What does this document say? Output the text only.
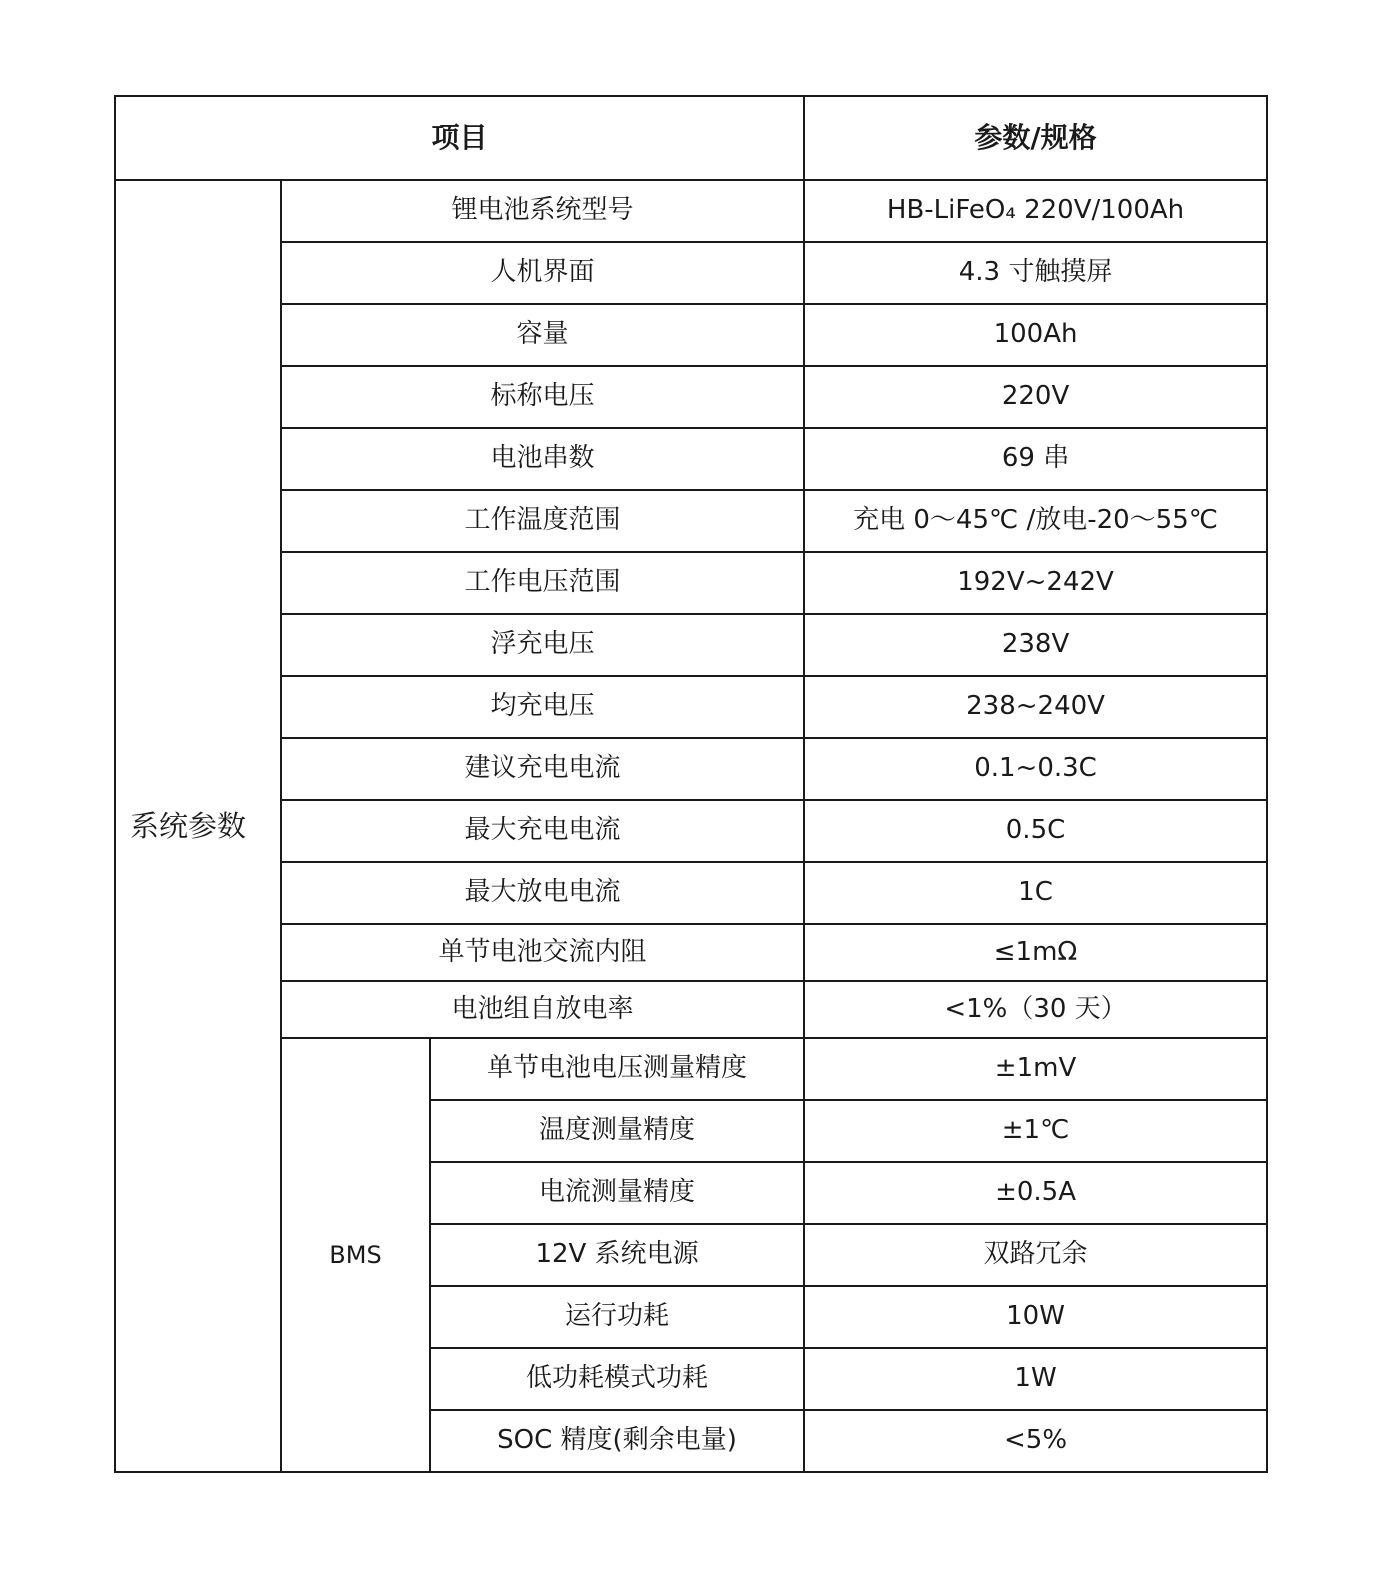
项目			参数/规格
系统参数	锂电池系统型号		HB-LiFeO₄ 220V/100Ah
	人机界面		4.3 寸触摸屏
	容量		100Ah
	标称电压		220V
	电池串数		69 串
	工作温度范围		充电 0～45℃ /放电-20～55℃
	工作电压范围		192V~242V
	浮充电压		238V
	均充电压		238~240V
	建议充电电流		0.1~0.3C
	最大充电电流		0.5C
	最大放电电流		1C
	单节电池交流内阻		≤1mΩ
	电池组自放电率		<1%（30 天）
	BMS	单节电池电压测量精度	±1mV
		温度测量精度	±1℃
		电流测量精度	±0.5A
		12V 系统电源	双路冗余
		运行功耗	10W
		低功耗模式功耗	1W
		SOC 精度(剩余电量)	<5%
